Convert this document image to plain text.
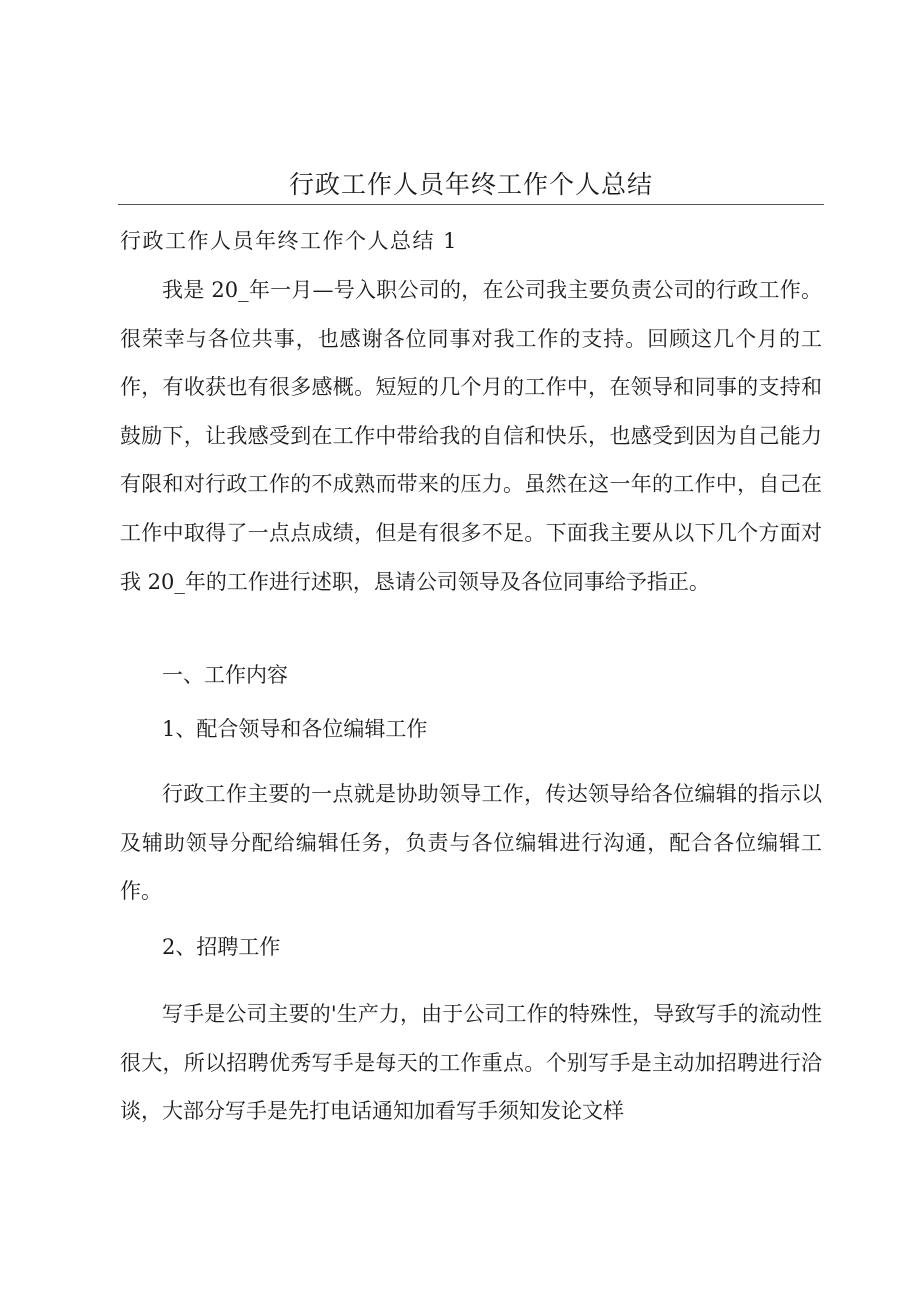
行政工作人员年终工作个人总结

行政工作人员年终工作个人总结 1

我是 20_年一月—号入职公司的，在公司我主要负责公司的行政工作。很荣幸与各位共事，也感谢各位同事对我工作的支持。回顾这几个月的工作，有收获也有很多感概。短短的几个月的工作中，在领导和同事的支持和鼓励下，让我感受到在工作中带给我的自信和快乐，也感受到因为自己能力有限和对行政工作的不成熟而带来的压力。虽然在这一年的工作中，自己在工作中取得了一点点成绩，但是有很多不足。下面我主要从以下几个方面对我 20_年的工作进行述职，恳请公司领导及各位同事给予指正。

一、工作内容

1、配合领导和各位编辑工作

行政工作主要的一点就是协助领导工作，传达领导给各位编辑的指示以及辅助领导分配给编辑任务，负责与各位编辑进行沟通，配合各位编辑工作。

2、招聘工作

写手是公司主要的'生产力，由于公司工作的特殊性，导致写手的流动性很大，所以招聘优秀写手是每天的工作重点。个别写手是主动加招聘进行洽谈，大部分写手是先打电话通知加看写手须知发论文样
